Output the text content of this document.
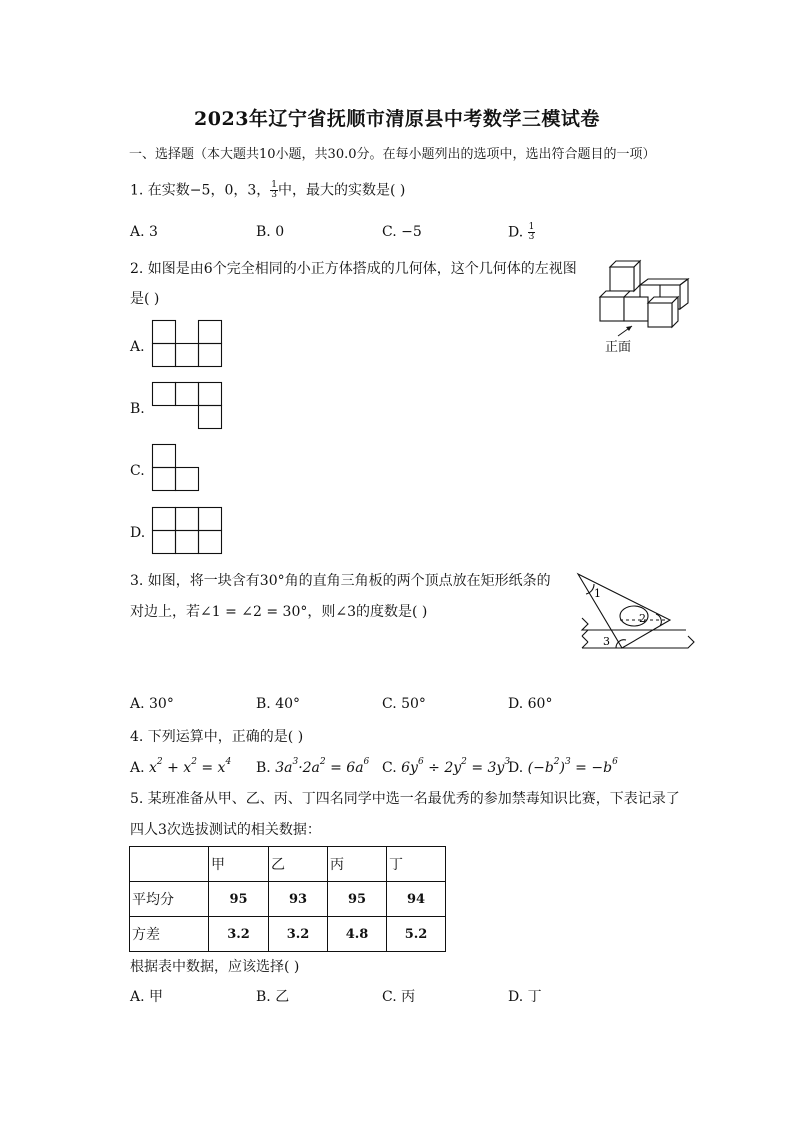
2023年辽宁省抚顺市清原县中考数学三模试卷
一、选择题（本大题共10小题，共30.0分。在每小题列出的选项中，选出符合题目的一项）
1. 在实数−5，0，3， $\frac{1}{3}$ 中，最大的实数是( )
A. 3	B. 0	C. −5	D. $\frac{1}{3}$
2. 如图是由6个完全相同的小正方体搭成的几何体，这个几何体的左视图
是( )
正面
A.
B.
C.
D.
3. 如图，将一块含有30°角的直角三角板的两个顶点放在矩形纸条的
对边上，若∠1 = ∠2 = 30°，则∠3的度数是( )
1
2
3
A. 30°	B. 40°	C. 50°	D. 60°
4. 下列运算中，正确的是( )
A. $x^2 + x^2 = x^4$ B. $3a^3\cdot 2a^2 = 6a^6$ C. $6y^6 \div 2y^2 = 3y^3$
D. $(-b^2)^3 = -b^6$
5. 某班准备从甲、乙、丙、丁四名同学中选一名最优秀的参加禁毒知识比赛，下表记录了
四人3次选拔测试的相关数据：
	甲	乙	丙	丁
平均分	95	93	95	94
方差	3.2	3.2	4.8	5.2
根据表中数据，应该选择( )
A. 甲	B. 乙	C. 丙	D. 丁
